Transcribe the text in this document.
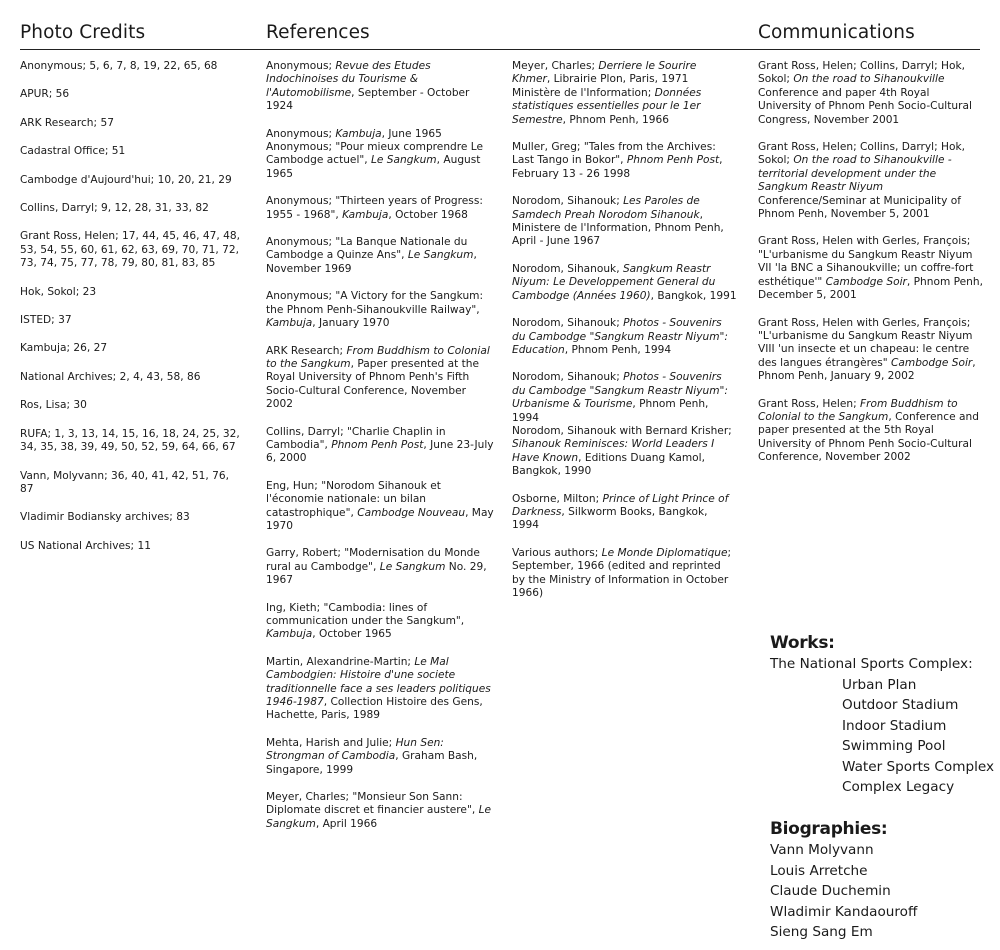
Photo Credits	References	Communications
Anonymous; 5, 6, 7, 8, 19, 22, 65, 68
APUR; 56
ARK Research; 57
Cadastral Office; 51
Cambodge d'Aujourd'hui; 10, 20, 21, 29
Collins, Darryl; 9, 12, 28, 31, 33, 82
Grant Ross, Helen; 17, 44, 45, 46, 47, 48, 53, 54, 55, 60, 61, 62, 63, 69, 70, 71, 72, 73, 74, 75, 77, 78, 79, 80, 81, 83, 85
Hok, Sokol; 23
ISTED; 37
Kambuja; 26, 27
National Archives; 2, 4, 43, 58, 86
Ros, Lisa; 30
RUFA; 1, 3, 13, 14, 15, 16, 18, 24, 25, 32, 34, 35, 38, 39, 49, 50, 52, 59, 64, 66, 67
Vann, Molyvann; 36, 40, 41, 42, 51, 76, 87
Vladimir Bodiansky archives; 83
US National Archives; 11
Anonymous; Revue des Etudes Indochinoises du Tourisme & l'Automobilisme, September - October 1924

Anonymous; Kambuja, June 1965

Anonymous; "Pour mieux comprendre Le Cambodge actuel", Le Sangkum, August 1965

Anonymous; "Thirteen years of Progress: 1955 - 1968", Kambuja, October 1968
Anonymous; "La Banque Nationale du Cambodge a Quinze Ans", Le Sangkum, November 1969
Anonymous; "A Victory for the Sangkum: the Phnom Penh-Sihanoukville Railway", Kambuja, January 1970
ARK Research; From Buddhism to Colonial to the Sangkum, Paper presented at the Royal University of Phnom Penh's Fifth Socio-Cultural Conference, November 2002
Collins, Darryl; "Charlie Chaplin in Cambodia", Phnom Penh Post, June 23-July 6, 2000
Eng, Hun; "Norodom Sihanouk et l'économie nationale: un bilan catastrophique", Cambodge Nouveau, May 1970
Garry, Robert; "Modernisation du Monde rural au Cambodge", Le Sangkum No. 29, 1967
Ing, Kieth; "Cambodia: lines of communication under the Sangkum", Kambuja, October 1965
Martin, Alexandrine-Martin; Le Mal Cambodgien: Histoire d'une societe traditionnelle face a ses leaders politiques 1946-1987, Collection Histoire des Gens, Hachette, Paris, 1989
Mehta, Harish and Julie; Hun Sen: Strongman of Cambodia, Graham Bash, Singapore, 1999
Meyer, Charles; "Monsieur Son Sann: Diplomate discret et financier austere", Le Sangkum, April 1966

Meyer, Charles; Derriere le Sourire Khmer, Librairie Plon, Paris, 1971

Ministère de l'Information; Données statistiques essentielles pour le 1er Semestre, Phnom Penh, 1966

Muller, Greg; "Tales from the Archives: Last Tango in Bokor", Phnom Penh Post, February 13 - 26 1998
Norodom, Sihanouk; Les Paroles de Samdech Preah Norodom Sihanouk, Ministere de l'Information, Phnom Penh, April - June 1967
Norodom, Sihanouk, Sangkum Reastr Niyum: Le Developpement General du Cambodge (Années 1960), Bangkok, 1991
Norodom, Sihanouk; Photos - Souvenirs du Cambodge "Sangkum Reastr Niyum": Education, Phnom Penh, 1994

Norodom, Sihanouk; Photos - Souvenirs du Cambodge "Sangkum Reastr Niyum": Urbanisme & Tourisme, Phnom Penh, 1994

Norodom, Sihanouk with Bernard Krisher; Sihanouk Reminisces: World Leaders I Have Known, Editions Duang Kamol, Bangkok, 1990

Osborne, Milton; Prince of Light Prince of Darkness, Silkworm Books, Bangkok, 1994
Various authors; Le Monde Diplomatique; September, 1966 (edited and reprinted by the Ministry of Information in October 1966)
Grant Ross, Helen; Collins, Darryl; Hok, Sokol; On the road to Sihanoukville Conference and paper 4th Royal University of Phnom Penh Socio-Cultural Congress, November 2001
Grant Ross, Helen; Collins, Darryl; Hok, Sokol; On the road to Sihanoukville - territorial development under the Sangkum Reastr Niyum Conference/Seminar at Municipality of Phnom Penh, November 5, 2001
Grant Ross, Helen with Gerles, François; "L'urbanisme du Sangkum Reastr Niyum VII 'la BNC a Sihanoukville; un coffre-fort esthétique'" Cambodge Soir, Phnom Penh, December 5, 2001
Grant Ross, Helen with Gerles, François; "L'urbanisme du Sangkum Reastr Niyum VIII 'un insecte et un chapeau: le centre des langues étrangères" Cambodge Soir, Phnom Penh, January 9, 2002
Grant Ross, Helen; From Buddhism to Colonial to the Sangkum, Conference and paper presented at the 5th Royal University of Phnom Penh Socio-Cultural Conference, November 2002
Works:

The National Sports Complex:

Urban Plan
Outdoor Stadium
Indoor Stadium
Swimming Pool
Water Sports Complex
Complex Legacy
Biographies:
Vann Molyvann
Louis Arretche
Claude Duchemin
Wladimir Kandaouroff
Sieng Sang Em
